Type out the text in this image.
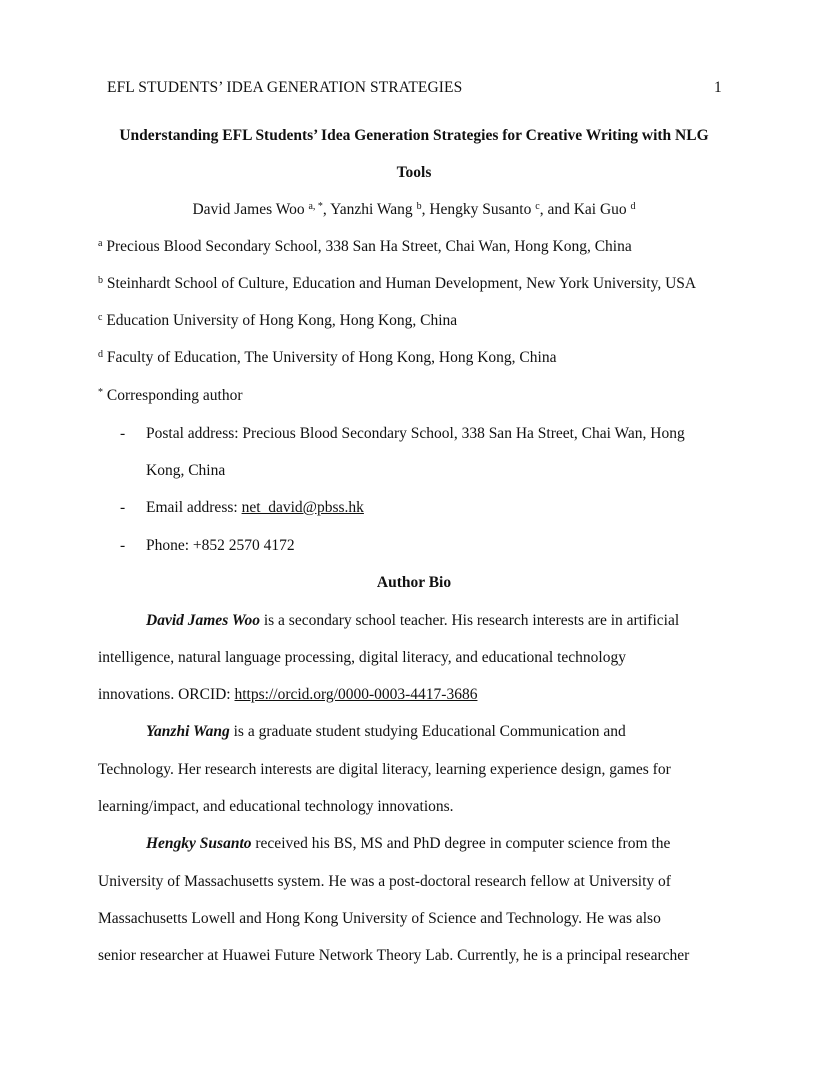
EFL STUDENTS’ IDEA GENERATION STRATEGIES	1
Understanding EFL Students’ Idea Generation Strategies for Creative Writing with NLG
Tools
David James Woo $^{a, *}$, Yanzhi Wang $^b$, Hengky Susanto $^c$, and Kai Guo $^d$
$^a$ Precious Blood Secondary School, 338 San Ha Street, Chai Wan, Hong Kong, China
$^b$ Steinhardt School of Culture, Education and Human Development, New York University, USA
$^c$ Education University of Hong Kong, Hong Kong, China
$^d$ Faculty of Education, The University of Hong Kong, Hong Kong, China
* Corresponding author
- Postal address: Precious Blood Secondary School, 338 San Ha Street, Chai Wan, Hong
Kong, China
- Email address: net_david@pbss.hk
- Phone: +852 2570 4172
Author Bio
David James Woo is a secondary school teacher. His research interests are in artificial
intelligence, natural language processing, digital literacy, and educational technology
innovations. ORCID: https://orcid.org/0000-0003-4417-3686
Yanzhi Wang is a graduate student studying Educational Communication and
Technology. Her research interests are digital literacy, learning experience design, games for
learning/impact, and educational technology innovations.
Hengky Susanto received his BS, MS and PhD degree in computer science from the
University of Massachusetts system. He was a post-doctoral research fellow at University of
Massachusetts Lowell and Hong Kong University of Science and Technology. He was also
senior researcher at Huawei Future Network Theory Lab. Currently, he is a principal researcher
